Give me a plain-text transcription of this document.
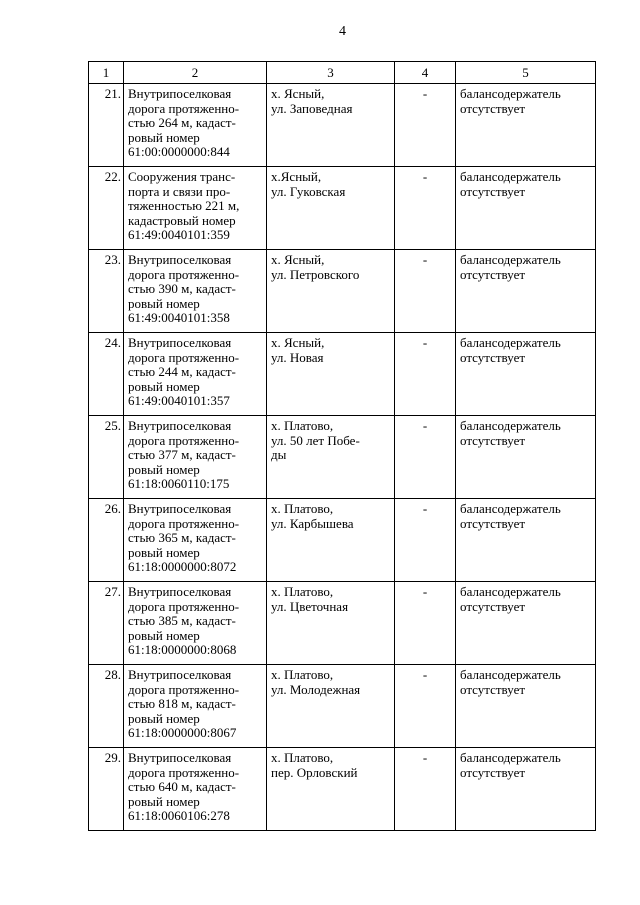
4
1	2	3	4	5
21.	Внутрипоселковая
дорога протяженно-
стью 264 м, кадаст-
ровый номер
61:00:0000000:844	х. Ясный,
ул. Заповедная	-	балансодержатель
отсутствует

22.	Сооружения транс-
порта и связи про-
тяженностью 221 м,
кадастровый номер
61:49:0040101:359	х.Ясный,
ул. Гуковская	-	балансодержатель
отсутствует

23.	Внутрипоселковая
дорога протяженно-
стью 390 м, кадаст-
ровый номер
61:49:0040101:358	х. Ясный,
ул. Петровского	-	балансодержатель
отсутствует

24.	Внутрипоселковая
дорога протяженно-
стью 244 м, кадаст-
ровый номер
61:49:0040101:357	х. Ясный,
ул. Новая	-	балансодержатель
отсутствует

25.	Внутрипоселковая
дорога протяженно-
стью 377 м, кадаст-
ровый номер
61:18:0060110:175	х. Платово,
ул. 50 лет Побе-
ды	-	балансодержатель
отсутствует

26.	Внутрипоселковая
дорога протяженно-
стью 365 м, кадаст-
ровый номер
61:18:0000000:8072	х. Платово,
ул. Карбышева	-	балансодержатель
отсутствует

27.	Внутрипоселковая
дорога протяженно-
стью 385 м, кадаст-
ровый номер
61:18:0000000:8068	х. Платово,
ул. Цветочная	-	балансодержатель
отсутствует

28.	Внутрипоселковая
дорога протяженно-
стью 818 м, кадаст-
ровый номер
61:18:0000000:8067	х. Платово,
ул. Молодежная	-	балансодержатель
отсутствует

29.	Внутрипоселковая
дорога протяженно-
стью 640 м, кадаст-
ровый номер
61:18:0060106:278	х. Платово,
пер. Орловский	-	балансодержатель
отсутствует
